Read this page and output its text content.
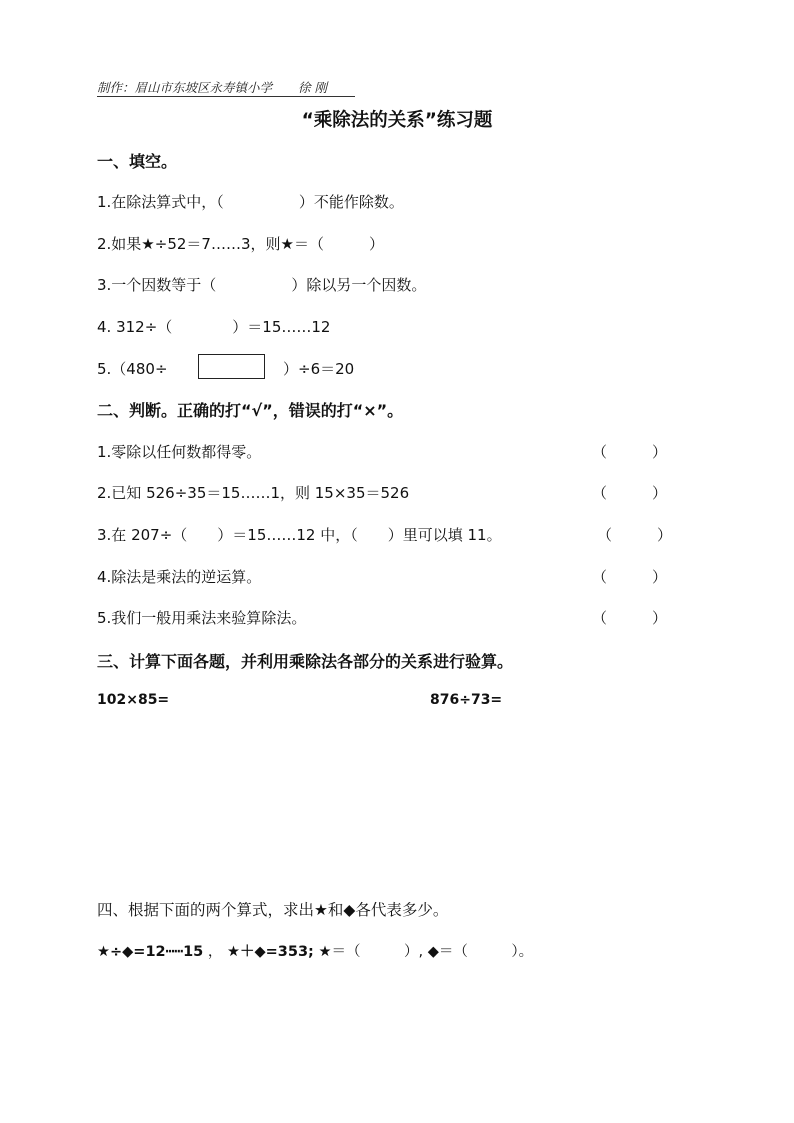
制作：眉山市东坡区永寿镇小学 徐 刚
“乘除法的关系”练习题
一、填空。
1.在除法算式中，（　　　　　）不能作除数。
2.如果★÷52＝7……3，则★＝（　　　）
3.一个因数等于（　　　　　）除以另一个因数。
4. 312÷（　　　　）＝15……12
5.（480÷	）÷6＝20
二、判断。正确的打“√”，错误的打“×”。
1.零除以任何数都得零。	（　　　）
2.已知 526÷35＝15……1，则 15×35＝526	（　　　）
3.在 207÷（　　）＝15……12 中，（　　）里可以填 11。	（　　　）
4.除法是乘法的逆运算。	（　　　）
5.我们一般用乘法来验算除法。	（　　　）
三、计算下面各题，并利用乘除法各部分的关系进行验算。
102×85=	876÷73=
四、根据下面的两个算式，求出★和◆各代表多少。
★÷◆=12┅┅15 ， ★＋◆=353; ★＝（　　　）, ◆＝（　　　）。
